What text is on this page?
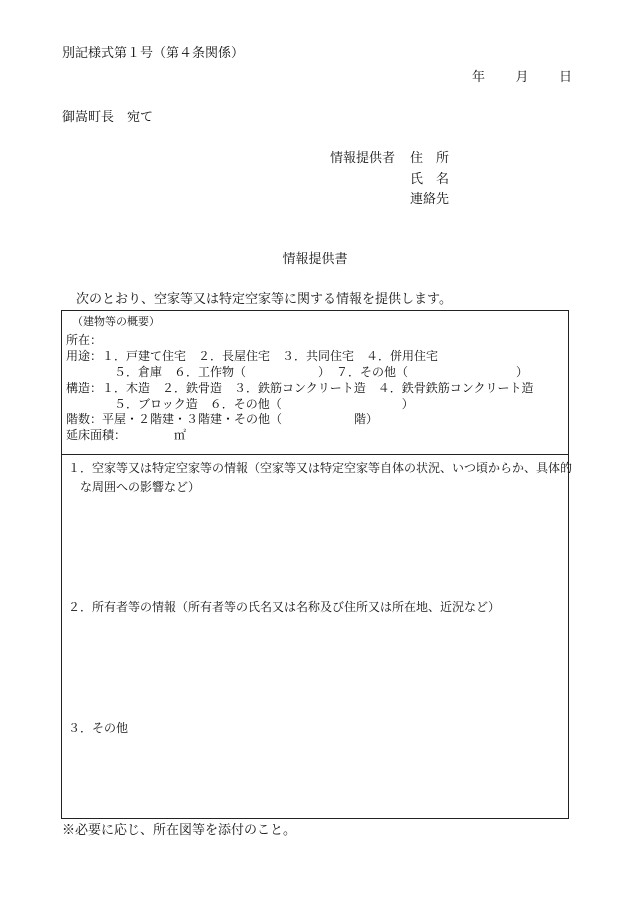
別記様式第１号（第４条関係）
年 月 日
御嵩町長　宛て
情報提供者 住　所
氏　名
連絡先
情報提供書
次のとおり、空家等又は特定空家等に関する情報を提供します。
（建物等の概要）
所在：
用途：１．戸建て住宅　２．長屋住宅　３．共同住宅　４．併用住宅
５．倉庫　６．工作物（　　　　　　）　７．その他（　　　　　　　　　）
構造：１．木造　２．鉄骨造　３．鉄筋コンクリート造　４．鉄骨鉄筋コンクリート造
５．ブロック造　６．その他（　　　　　　　　　　）
階数：平屋・２階建・３階建・その他（　　　　　　階）
延床面積：	㎡
１．空家等又は特定空家等の情報（空家等又は特定空家等自体の状況、いつ頃からか、具体的
な周囲への影響など）
２．所有者等の情報（所有者等の氏名又は名称及び住所又は所在地、近況など）
３．その他
※必要に応じ、所在図等を添付のこと。
